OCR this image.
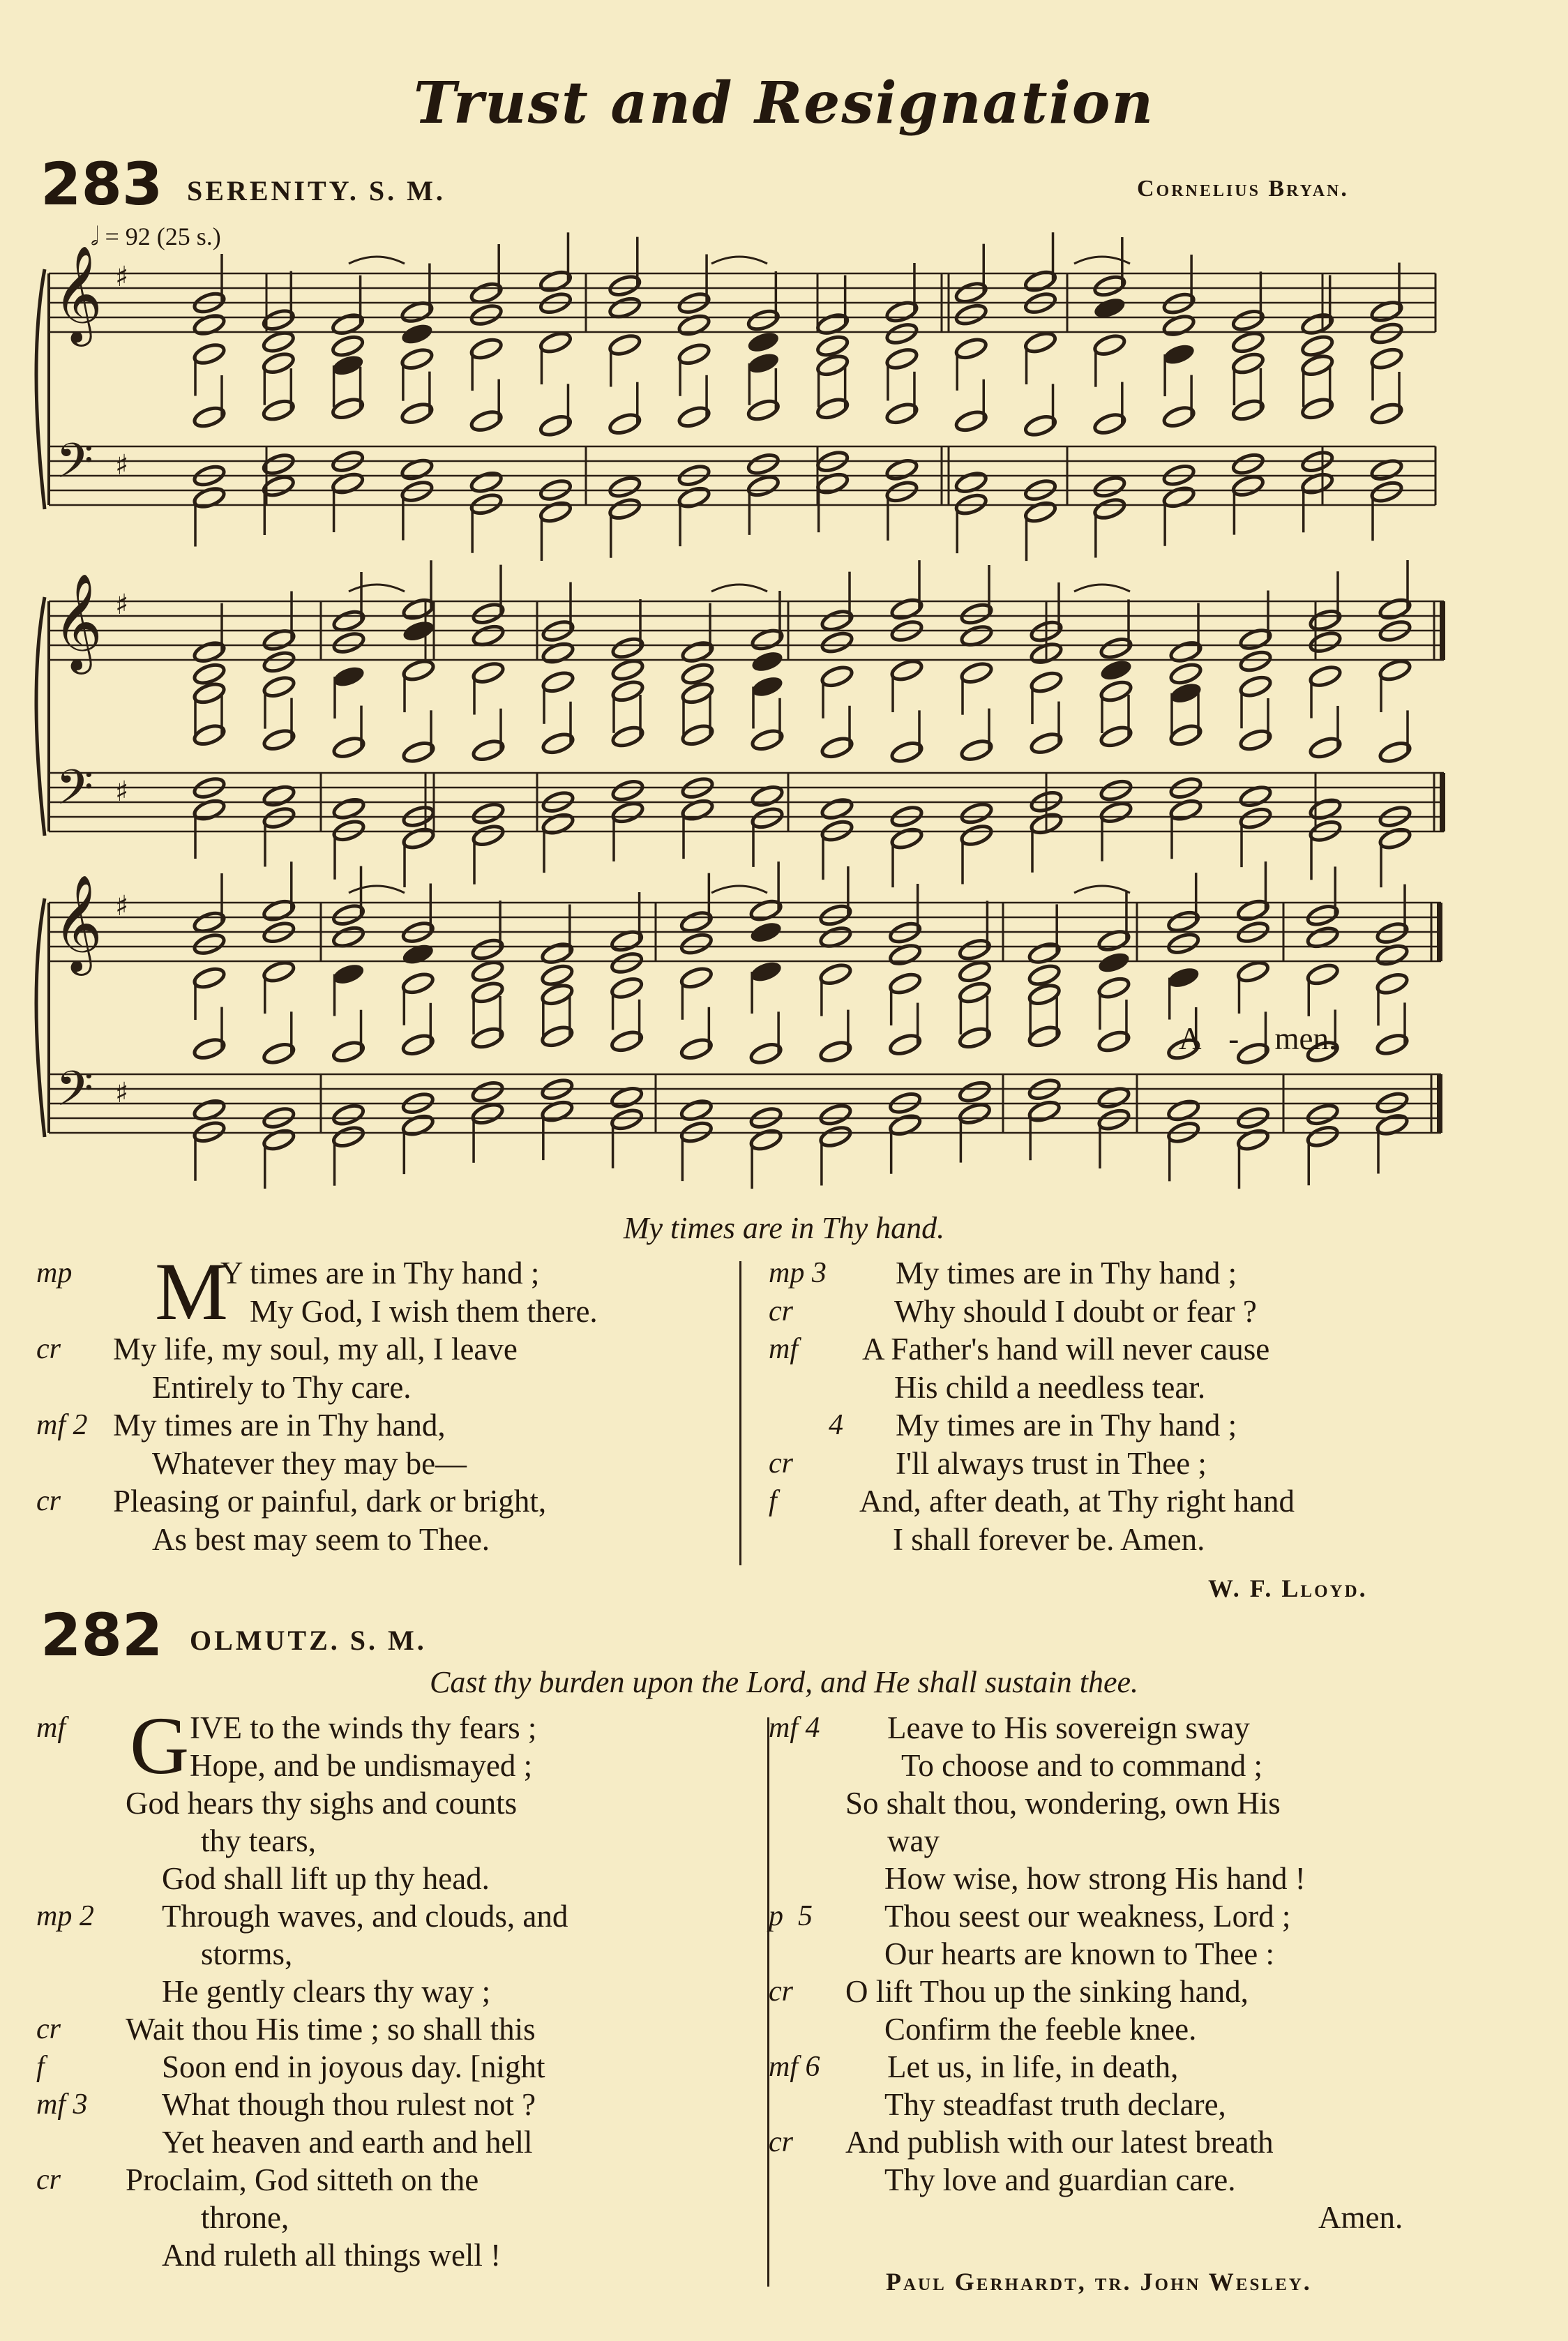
Trust and Resignation
283 SERENITY. S. M.	Cornelius Bryan.
𝅗𝅥 = 92 (25 s.)
𝄞
𝄢
♯
♯
𝄞
𝄢
♯
♯
𝄞
𝄢
♯
♯
A - men.
My times are in Thy hand.
M
mp	Y times are in Thy hand ;
My God, I wish them there.
cr My life, my soul, my all, I leave
Entirely to Thy care.
mf 2 My times are in Thy hand,
Whatever they may be—
cr Pleasing or painful, dark or bright,
As best may seem to Thee.
mp 3 My times are in Thy hand ;
cr	Why should I doubt or fear ?
mf A Father's hand will never cause
His child a needless tear.
4 My times are in Thy hand ;
cr	I'll always trust in Thee ;
f	And, after death, at Thy right hand
I shall forever be. Amen.
W. F. Lloyd.
282 OLMUTZ. S. M.
Cast thy burden upon the Lord, and He shall sustain thee.
G
mf	IVE to the winds thy fears ;
Hope, and be undismayed ;
God hears thy sighs and counts
thy tears,
God shall lift up thy head.
mp 2 Through waves, and clouds, and
storms,
He gently clears thy way ;
cr Wait thou His time ; so shall this
f	Soon end in joyous day. [night
mf 3 What though thou rulest not ?
Yet heaven and earth and hell
cr Proclaim, God sitteth on the
throne,
And ruleth all things well !
mf 4 Leave to His sovereign sway
To choose and to command ;
So shalt thou, wondering, own His
way
How wise, how strong His hand !
p  5 Thou seest our weakness, Lord ;
Our hearts are known to Thee :
cr O lift Thou up the sinking hand,
Confirm the feeble knee.
mf 6 Let us, in life, in death,
Thy steadfast truth declare,
cr And publish with our latest breath
Thy love and guardian care.
Amen.
Paul Gerhardt, tr. John Wesley.
